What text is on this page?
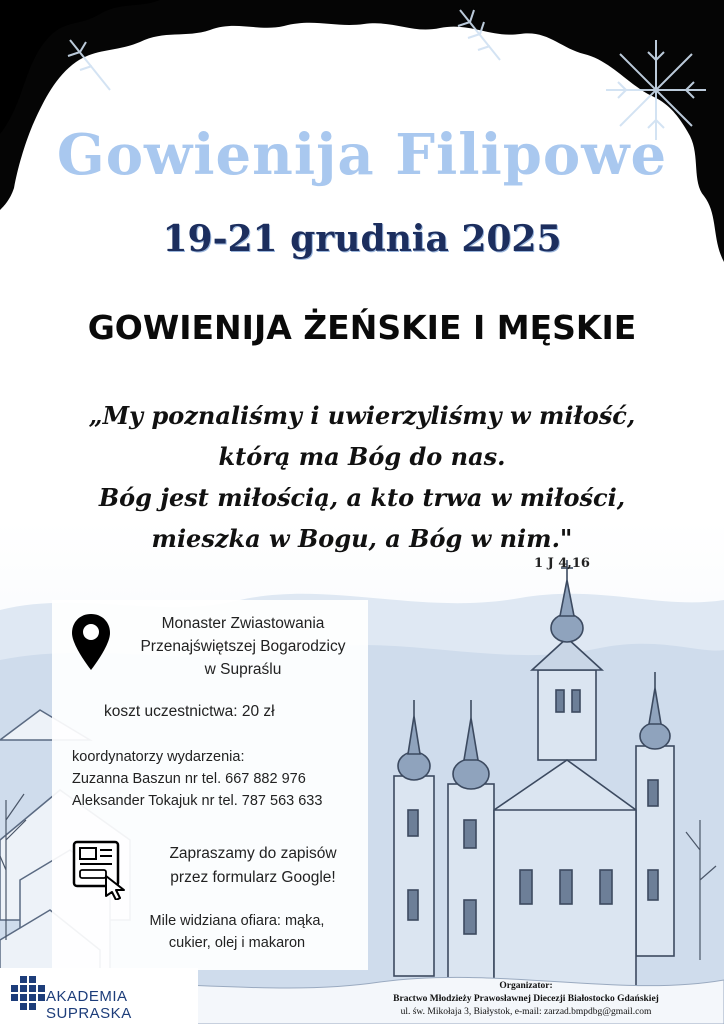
Gowienija Filipowe
19-21 grudnia 2025
GOWIENIJA ŻEŃSKIE I MĘSKIE
„My poznaliśmy i uwierzyliśmy w miłość,
którą ma Bóg do nas.
Bóg jest miłością, a kto trwa w miłości,
mieszka w Bogu, a Bóg w nim."
1 J 4,16
Monaster Zwiastowania
Przenajświętszej Bogarodzicy
w Supraślu
koszt uczestnictwa: 20 zł
koordynatorzy wydarzenia:
Zuzanna Baszun nr tel. 667 882 976
Aleksander Tokajuk nr tel. 787 563 633
Zapraszamy do zapisów
przez formularz Google!
Mile widziana ofiara: mąka,
cukier, olej i makaron
AKADEMIA SUPRASKA
Organizator:
Bractwo Młodzieży Prawosławnej Diecezji Białostocko Gdańskiej
ul. św. Mikołaja 3, Białystok, e-mail: zarzad.bmpdbg@gmail.com
